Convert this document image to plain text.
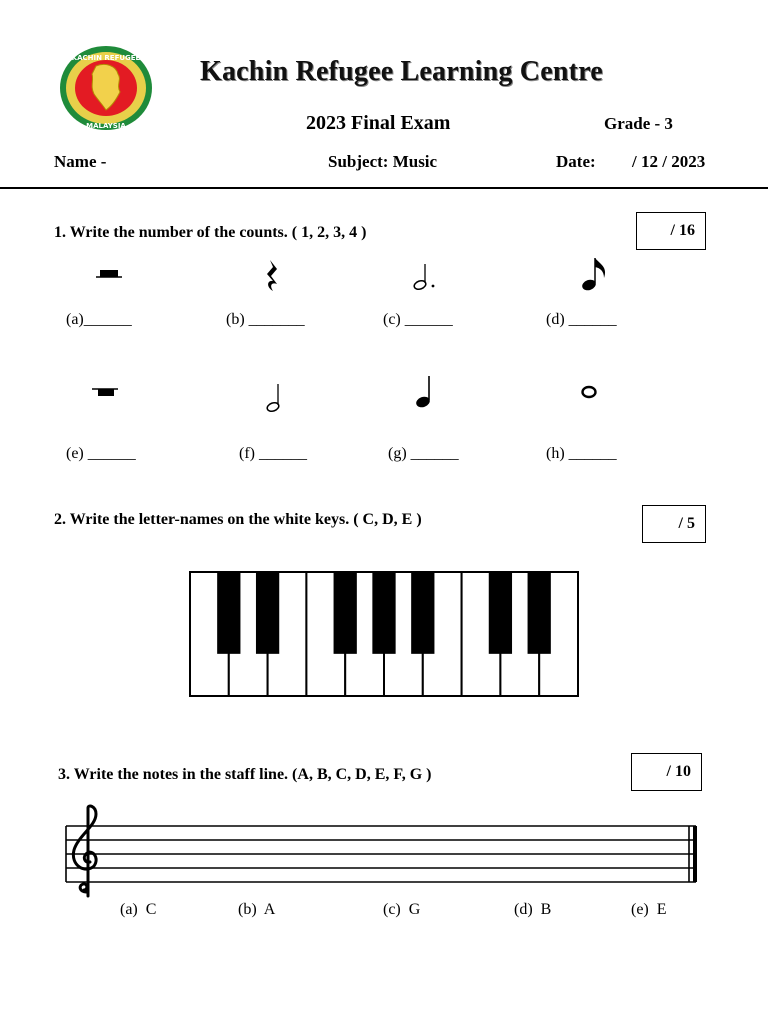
KACHIN REFUGEE
MALAYSIA
Kachin Refugee Learning Centre
2023 Final Exam	Grade - 3
Name -	Subject: Music	Date: / 12 / 2023
1. Write the number of the counts. ( 1, 2, 3, 4 )	/ 16
(a)______	(b) _______	(c) ______	(d) ______
(e) ______	(f) ______	(g) ______	(h) ______
2. Write the letter-names on the white keys. ( C, D, E )	/ 5
3. Write the notes in the staff line. (A, B, C, D, E, F, G )	/ 10
(a) C	(b) A	(c) G	(d) B	(e) E
